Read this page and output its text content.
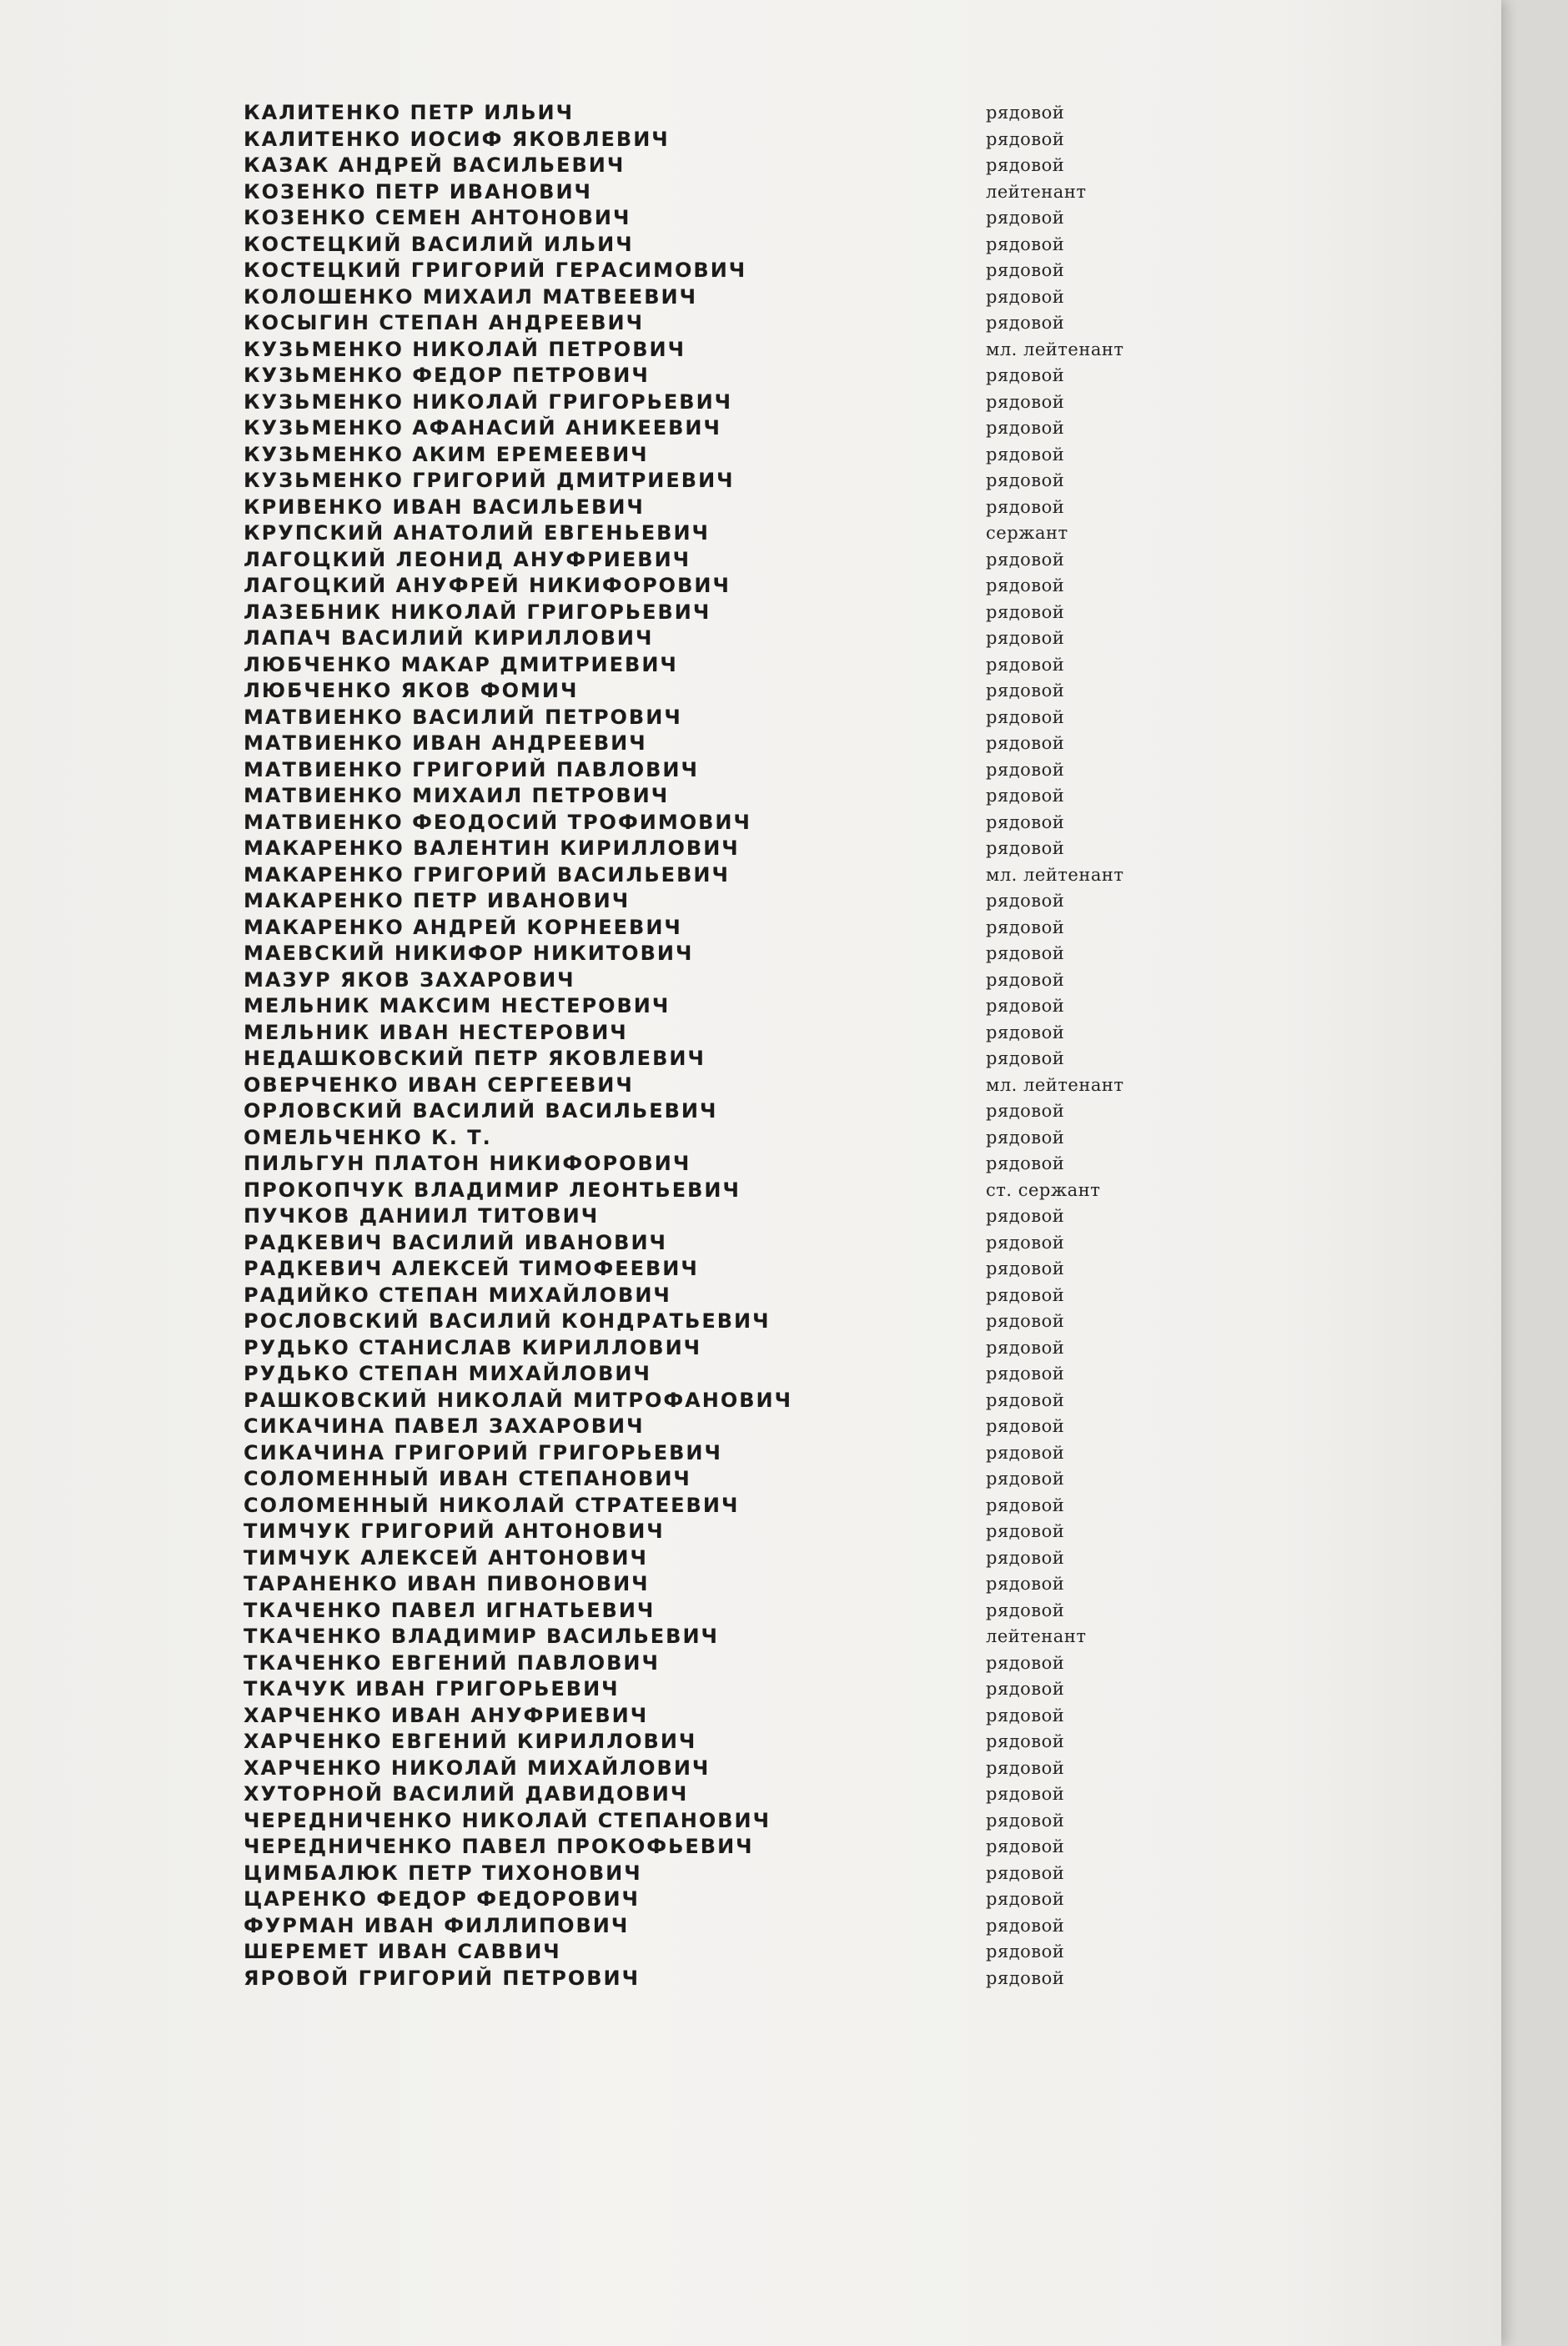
КАЛИТЕНКО ПЕТР ИЛЬИЧ	рядовой
КАЛИТЕНКО ИОСИФ ЯКОВЛЕВИЧ	рядовой
КАЗАК АНДРЕЙ ВАСИЛЬЕВИЧ	рядовой
КОЗЕНКО ПЕТР ИВАНОВИЧ	лейтенант
КОЗЕНКО СЕМЕН АНТОНОВИЧ	рядовой
КОСТЕЦКИЙ ВАСИЛИЙ ИЛЬИЧ	рядовой
КОСТЕЦКИЙ ГРИГОРИЙ ГЕРАСИМОВИЧ	рядовой
КОЛОШЕНКО МИХАИЛ МАТВЕЕВИЧ	рядовой
КОСЫГИН СТЕПАН АНДРЕЕВИЧ	рядовой
КУЗЬМЕНКО НИКОЛАЙ ПЕТРОВИЧ	мл. лейтенант
КУЗЬМЕНКО ФЕДОР ПЕТРОВИЧ	рядовой
КУЗЬМЕНКО НИКОЛАЙ ГРИГОРЬЕВИЧ	рядовой
КУЗЬМЕНКО АФАНАСИЙ АНИКЕЕВИЧ	рядовой
КУЗЬМЕНКО АКИМ ЕРЕМЕЕВИЧ	рядовой
КУЗЬМЕНКО ГРИГОРИЙ ДМИТРИЕВИЧ	рядовой
КРИВЕНКО ИВАН ВАСИЛЬЕВИЧ	рядовой
КРУПСКИЙ АНАТОЛИЙ ЕВГЕНЬЕВИЧ	сержант
ЛАГОЦКИЙ ЛЕОНИД АНУФРИЕВИЧ	рядовой
ЛАГОЦКИЙ АНУФРЕЙ НИКИФОРОВИЧ	рядовой
ЛАЗЕБНИК НИКОЛАЙ ГРИГОРЬЕВИЧ	рядовой
ЛАПАЧ ВАСИЛИЙ КИРИЛЛОВИЧ	рядовой
ЛЮБЧЕНКО МАКАР ДМИТРИЕВИЧ	рядовой
ЛЮБЧЕНКО ЯКОВ ФОМИЧ	рядовой
МАТВИЕНКО ВАСИЛИЙ ПЕТРОВИЧ	рядовой
МАТВИЕНКО ИВАН АНДРЕЕВИЧ	рядовой
МАТВИЕНКО ГРИГОРИЙ ПАВЛОВИЧ	рядовой
МАТВИЕНКО МИХАИЛ ПЕТРОВИЧ	рядовой
МАТВИЕНКО ФЕОДОСИЙ ТРОФИМОВИЧ	рядовой
МАКАРЕНКО ВАЛЕНТИН КИРИЛЛОВИЧ	рядовой
МАКАРЕНКО ГРИГОРИЙ ВАСИЛЬЕВИЧ	мл. лейтенант
МАКАРЕНКО ПЕТР ИВАНОВИЧ	рядовой
МАКАРЕНКО АНДРЕЙ КОРНЕЕВИЧ	рядовой
МАЕВСКИЙ НИКИФОР НИКИТОВИЧ	рядовой
МАЗУР ЯКОВ ЗАХАРОВИЧ	рядовой
МЕЛЬНИК МАКСИМ НЕСТЕРОВИЧ	рядовой
МЕЛЬНИК ИВАН НЕСТЕРОВИЧ	рядовой
НЕДАШКОВСКИЙ ПЕТР ЯКОВЛЕВИЧ	рядовой
ОВЕРЧЕНКО ИВАН СЕРГЕЕВИЧ	мл. лейтенант
ОРЛОВСКИЙ ВАСИЛИЙ ВАСИЛЬЕВИЧ	рядовой
ОМЕЛЬЧЕНКО К. Т.	рядовой
ПИЛЬГУН ПЛАТОН НИКИФОРОВИЧ	рядовой
ПРОКОПЧУК ВЛАДИМИР ЛЕОНТЬЕВИЧ	ст. сержант
ПУЧКОВ ДАНИИЛ ТИТОВИЧ	рядовой
РАДКЕВИЧ ВАСИЛИЙ ИВАНОВИЧ	рядовой
РАДКЕВИЧ АЛЕКСЕЙ ТИМОФЕЕВИЧ	рядовой
РАДИЙКО СТЕПАН МИХАЙЛОВИЧ	рядовой
РОСЛОВСКИЙ ВАСИЛИЙ КОНДРАТЬЕВИЧ	рядовой
РУДЬКО СТАНИСЛАВ КИРИЛЛОВИЧ	рядовой
РУДЬКО СТЕПАН МИХАЙЛОВИЧ	рядовой
РАШКОВСКИЙ НИКОЛАЙ МИТРОФАНОВИЧ	рядовой
СИКАЧИНА ПАВЕЛ ЗАХАРОВИЧ	рядовой
СИКАЧИНА ГРИГОРИЙ ГРИГОРЬЕВИЧ	рядовой
СОЛОМЕННЫЙ ИВАН СТЕПАНОВИЧ	рядовой
СОЛОМЕННЫЙ НИКОЛАЙ СТРАТЕЕВИЧ	рядовой
ТИМЧУК ГРИГОРИЙ АНТОНОВИЧ	рядовой
ТИМЧУК АЛЕКСЕЙ АНТОНОВИЧ	рядовой
ТАРАНЕНКО ИВАН ПИВОНОВИЧ	рядовой
ТКАЧЕНКО ПАВЕЛ ИГНАТЬЕВИЧ	рядовой
ТКАЧЕНКО ВЛАДИМИР ВАСИЛЬЕВИЧ	лейтенант
ТКАЧЕНКО ЕВГЕНИЙ ПАВЛОВИЧ	рядовой
ТКАЧУК ИВАН ГРИГОРЬЕВИЧ	рядовой
ХАРЧЕНКО ИВАН АНУФРИЕВИЧ	рядовой
ХАРЧЕНКО ЕВГЕНИЙ КИРИЛЛОВИЧ	рядовой
ХАРЧЕНКО НИКОЛАЙ МИХАЙЛОВИЧ	рядовой
ХУТОРНОЙ ВАСИЛИЙ ДАВИДОВИЧ	рядовой
ЧЕРЕДНИЧЕНКО НИКОЛАЙ СТЕПАНОВИЧ	рядовой
ЧЕРЕДНИЧЕНКО ПАВЕЛ ПРОКОФЬЕВИЧ	рядовой
ЦИМБАЛЮК ПЕТР ТИХОНОВИЧ	рядовой
ЦАРЕНКО ФЕДОР ФЕДОРОВИЧ	рядовой
ФУРМАН ИВАН ФИЛЛИПОВИЧ	рядовой
ШЕРЕМЕТ ИВАН САВВИЧ	рядовой
ЯРОВОЙ ГРИГОРИЙ ПЕТРОВИЧ	рядовой
